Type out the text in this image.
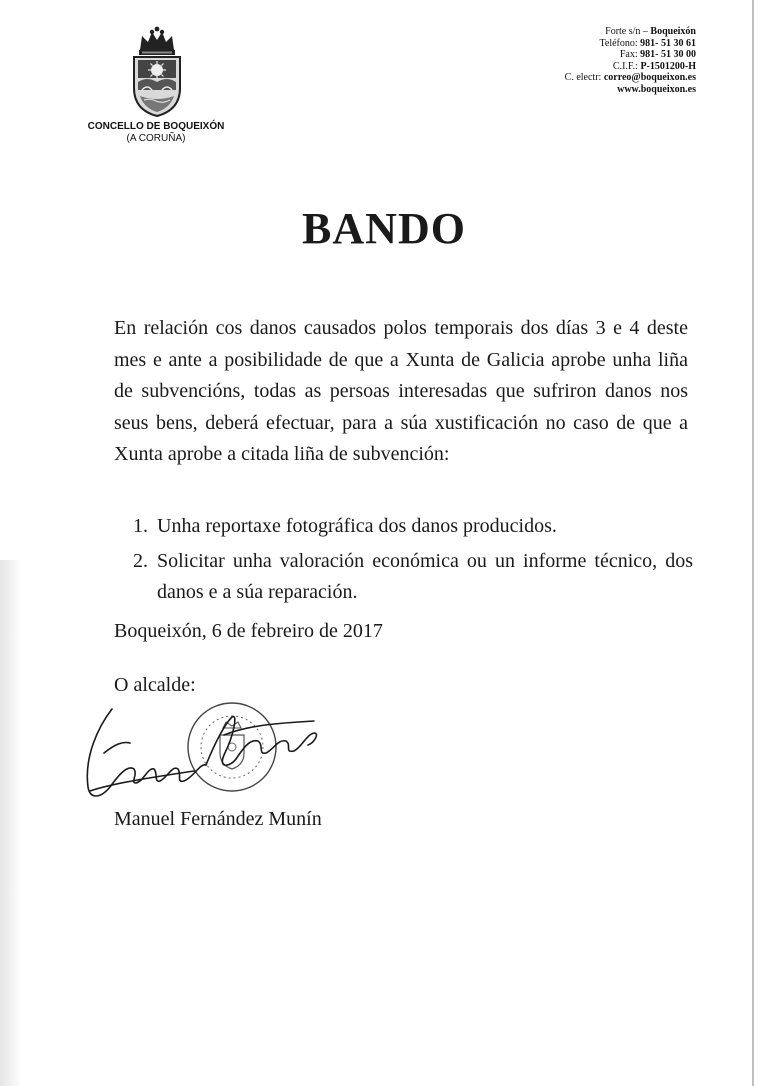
CONCELLO DE BOQUEIXÓN
(A CORUÑA)
Forte s/n – Boqueixón
Teléfono: 981- 51 30 61
Fax: 981- 51 30 00
C.I.F.: P-1501200-H
C. electr: correo@boqueixon.es
www.boqueixon.es
BANDO
En relación cos danos causados polos temporais dos días 3 e 4 deste mes e ante a posibilidade de que a Xunta de Galicia aprobe unha liña de subvencións, todas as persoas interesadas que sufriron danos nos seus bens, deberá efectuar, para a súa xustificación no caso de que a Xunta aprobe a citada liña de subvención:
1. Unha reportaxe fotográfica dos danos producidos.
2. Solicitar unha valoración económica ou un informe técnico, dos danos e a súa reparación.
Boqueixón, 6 de febreiro de 2017
O alcalde:
Manuel Fernández Munín
